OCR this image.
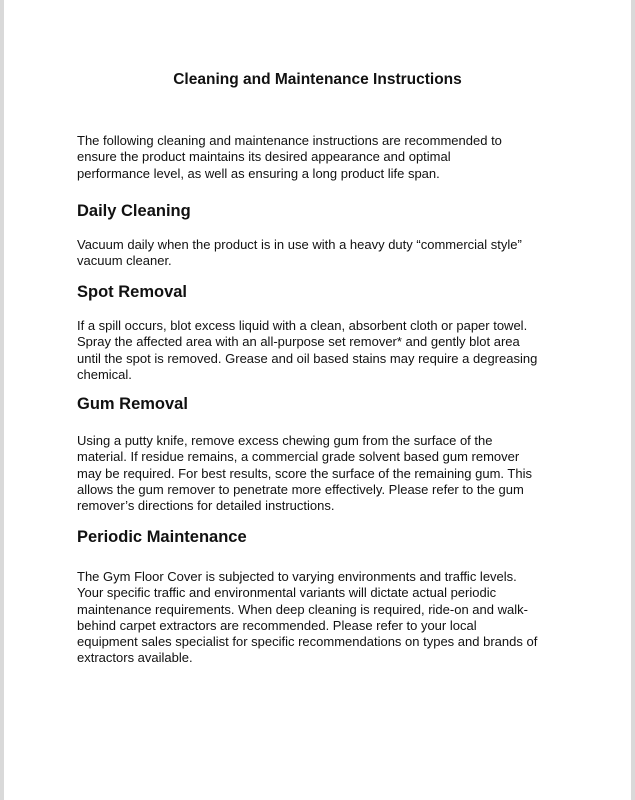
Cleaning and Maintenance Instructions

The following cleaning and maintenance instructions are recommended to
ensure the product maintains its desired appearance and optimal
performance level, as well as ensuring a long product life span.

Daily Cleaning

Vacuum daily when the product is in use with a heavy duty “commercial style”
vacuum cleaner.

Spot Removal

If a spill occurs, blot excess liquid with a clean, absorbent cloth or paper towel.
Spray the affected area with an all-purpose set remover* and gently blot area
until the spot is removed. Grease and oil based stains may require a degreasing
chemical.

Gum Removal

Using a putty knife, remove excess chewing gum from the surface of the
material. If residue remains, a commercial grade solvent based gum remover
may be required. For best results, score the surface of the remaining gum. This
allows the gum remover to penetrate more effectively. Please refer to the gum
remover’s directions for detailed instructions.

Periodic Maintenance

The Gym Floor Cover is subjected to varying environments and traffic levels.
Your specific traffic and environmental variants will dictate actual periodic
maintenance requirements. When deep cleaning is required, ride-on and walk-
behind carpet extractors are recommended. Please refer to your local
equipment sales specialist for specific recommendations on types and brands of
extractors available.
